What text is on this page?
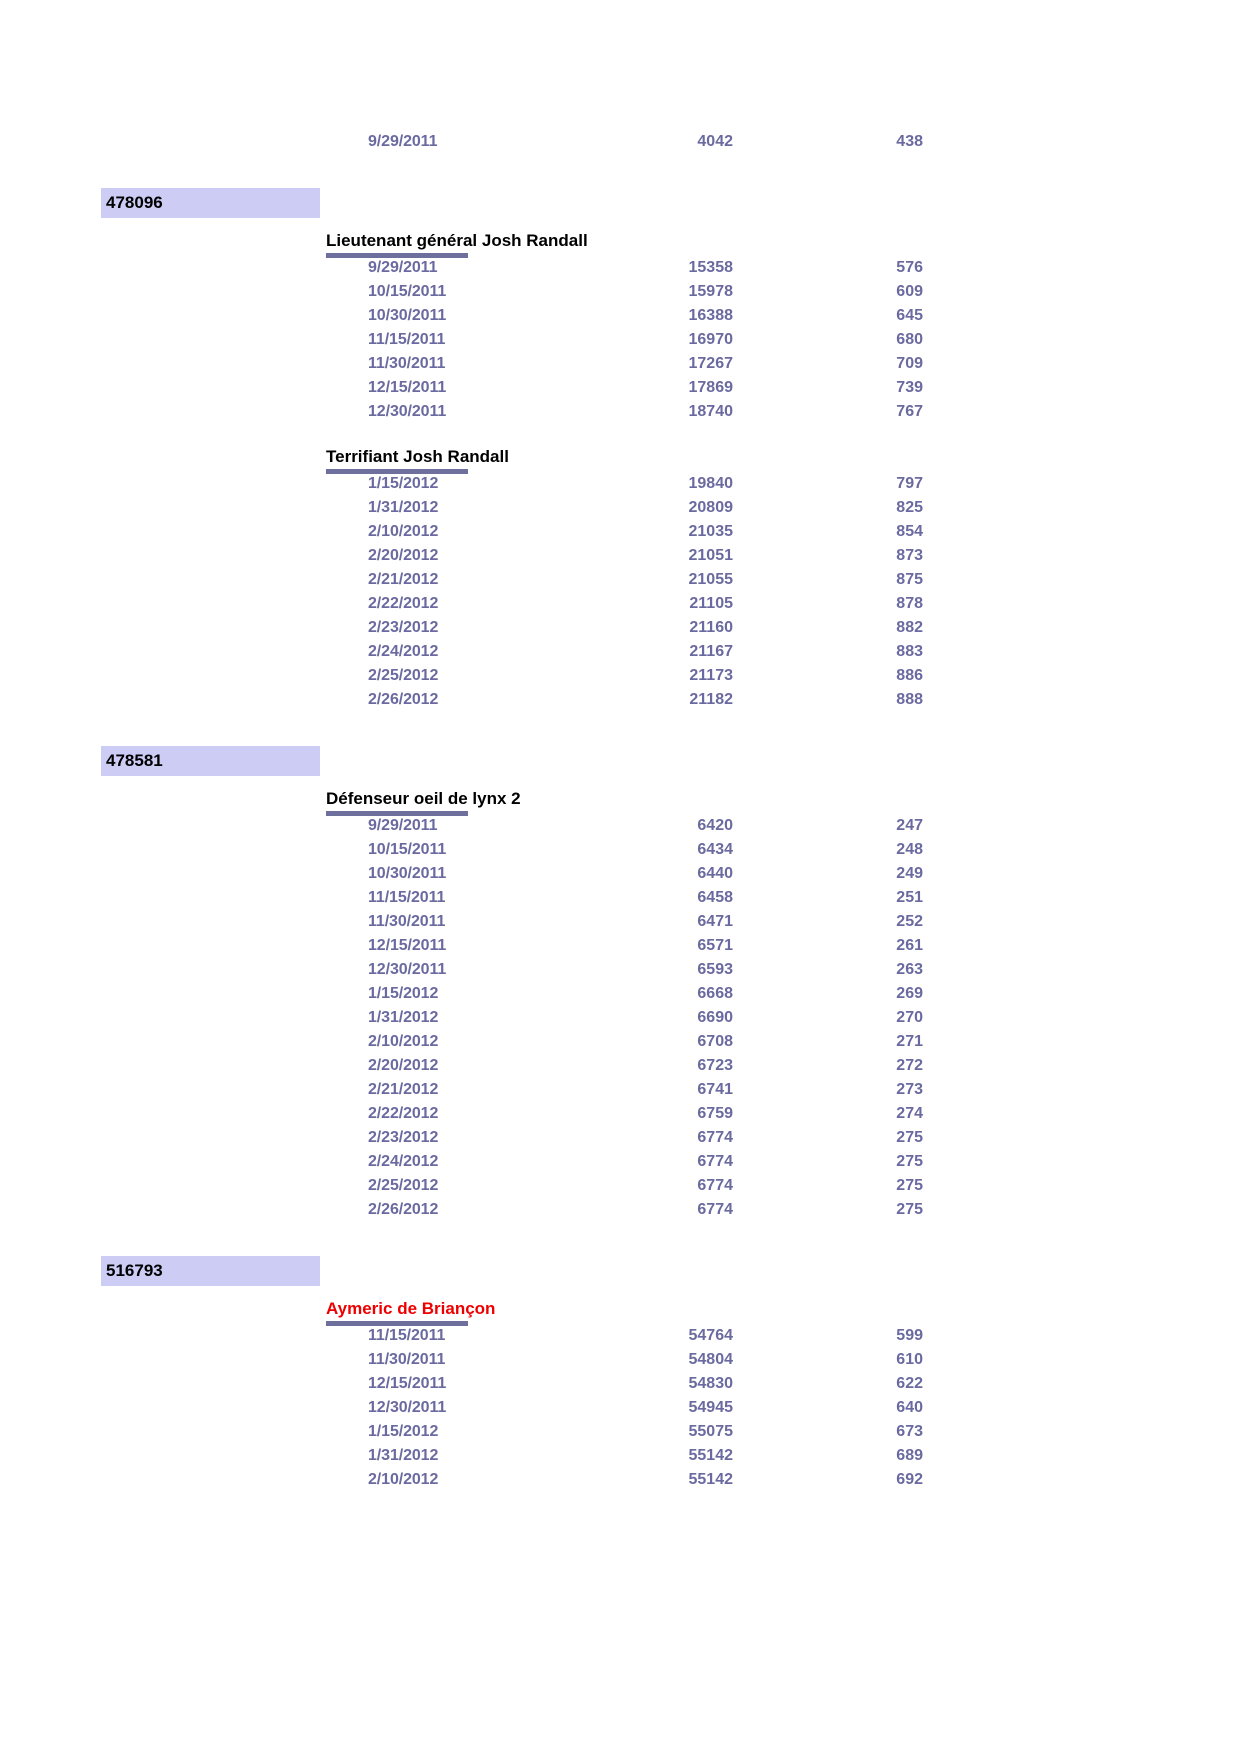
9/29/2011	4042	438
478096
Lieutenant général Josh Randall
9/29/2011	15358	576
10/15/2011	15978	609
10/30/2011	16388	645
11/15/2011	16970	680
11/30/2011	17267	709
12/15/2011	17869	739
12/30/2011	18740	767
Terrifiant Josh Randall
1/15/2012	19840	797
1/31/2012	20809	825
2/10/2012	21035	854
2/20/2012	21051	873
2/21/2012	21055	875
2/22/2012	21105	878
2/23/2012	21160	882
2/24/2012	21167	883
2/25/2012	21173	886
2/26/2012	21182	888
478581
Défenseur oeil de lynx 2
9/29/2011	6420	247
10/15/2011	6434	248
10/30/2011	6440	249
11/15/2011	6458	251
11/30/2011	6471	252
12/15/2011	6571	261
12/30/2011	6593	263
1/15/2012	6668	269
1/31/2012	6690	270
2/10/2012	6708	271
2/20/2012	6723	272
2/21/2012	6741	273
2/22/2012	6759	274
2/23/2012	6774	275
2/24/2012	6774	275
2/25/2012	6774	275
2/26/2012	6774	275
516793
Aymeric de Briançon
11/15/2011	54764	599
11/30/2011	54804	610
12/15/2011	54830	622
12/30/2011	54945	640
1/15/2012	55075	673
1/31/2012	55142	689
2/10/2012	55142	692
